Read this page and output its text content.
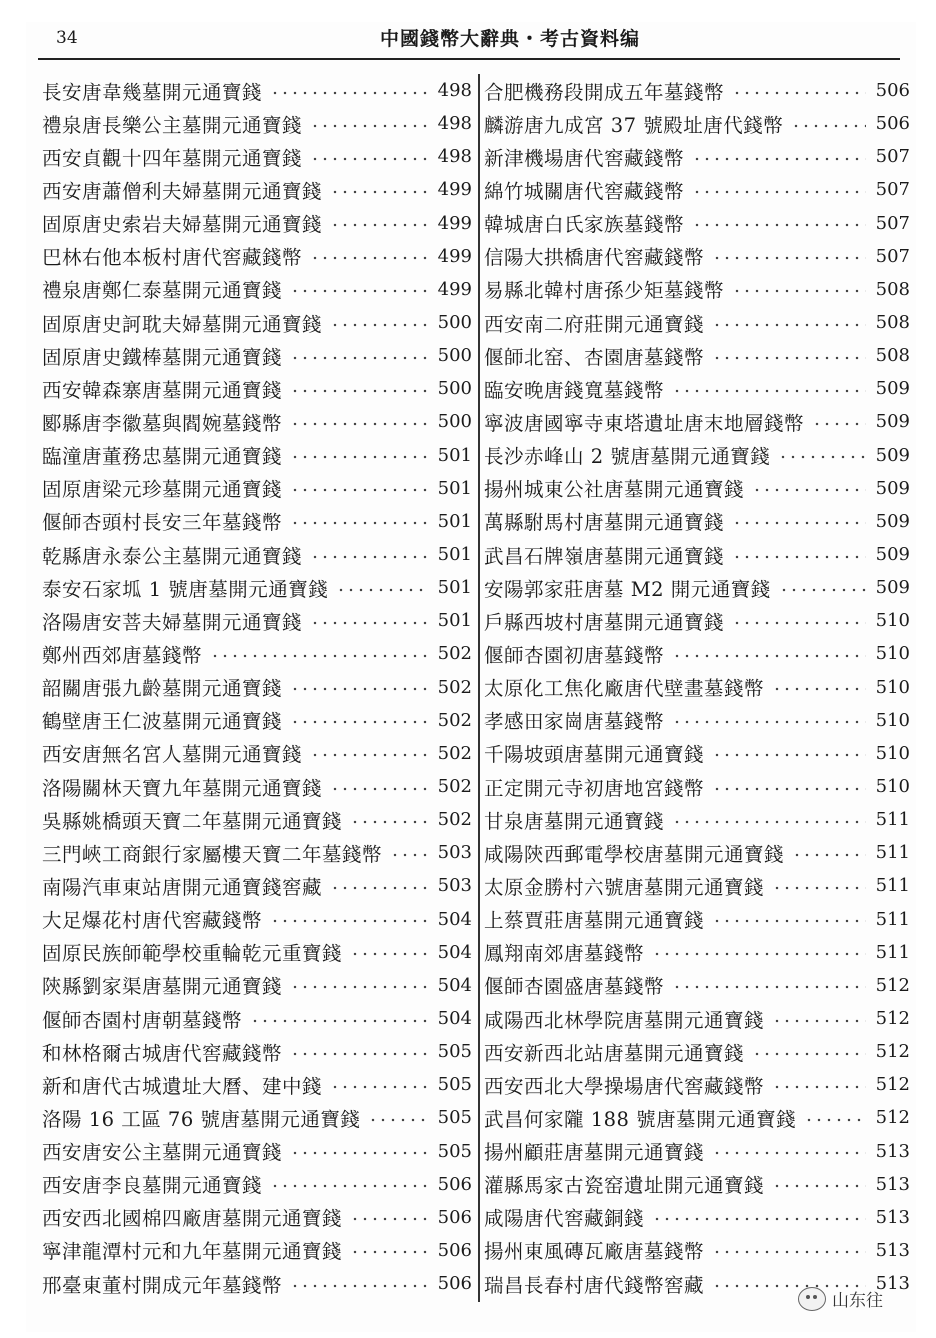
34	中國錢幣大辭典・考古資料编
長安唐韋幾墓開元通寶錢	498
禮泉唐長樂公主墓開元通寶錢	498
西安貞觀十四年墓開元通寶錢	498
西安唐蕭僧利夫婦墓開元通寶錢	499
固原唐史索岩夫婦墓開元通寶錢	499
巴林右他本板村唐代窖藏錢幣	499
禮泉唐鄭仁泰墓開元通寶錢	499
固原唐史訶耽夫婦墓開元通寶錢	500
固原唐史鐵棒墓開元通寶錢	500
西安韓森寨唐墓開元通寶錢	500
郾縣唐李徽墓與閻婉墓錢幣	500
臨潼唐董務忠墓開元通寶錢	501
固原唐梁元珍墓開元通寶錢	501
偃師杏頭村長安三年墓錢幣	501
乾縣唐永泰公主墓開元通寶錢	501
泰安石家坬 1 號唐墓開元通寶錢	501
洛陽唐安菩夫婦墓開元通寶錢	501
鄭州西郊唐墓錢幣	502
韶關唐張九齡墓開元通寶錢	502
鶴壁唐王仁波墓開元通寶錢	502
西安唐無名宮人墓開元通寶錢	502
洛陽關林天寶九年墓開元通寶錢	502
吳縣姚橋頭天寶二年墓開元通寶錢	502
三門峽工商銀行家屬樓天寶二年墓錢幣	503
南陽汽車東站唐開元通寶錢窖藏	503
大足爆花村唐代窖藏錢幣	504
固原民族師範學校重輪乾元重寶錢	504
陝縣劉家渠唐墓開元通寶錢	504
偃師杏園村唐朝墓錢幣	504
和林格爾古城唐代窖藏錢幣	505
新和唐代古城遺址大曆、建中錢	505
洛陽 16 工區 76 號唐墓開元通寶錢	505
西安唐安公主墓開元通寶錢	505
西安唐李良墓開元通寶錢	506
西安西北國棉四廠唐墓開元通寶錢	506
寧津龍潭村元和九年墓開元通寶錢	506
邢臺東董村開成元年墓錢幣	506
合肥機務段開成五年墓錢幣	506
麟游唐九成宮 37 號殿址唐代錢幣	506
新津機場唐代窖藏錢幣	507
綿竹城關唐代窖藏錢幣	507
韓城唐白氏家族墓錢幣	507
信陽大拱橋唐代窖藏錢幣	507
易縣北韓村唐孫少矩墓錢幣	508
西安南二府莊開元通寶錢	508
偃師北窑、杏園唐墓錢幣	508
臨安晚唐錢寬墓錢幣	509
寧波唐國寧寺東塔遺址唐末地層錢幣	509
長沙赤峰山 2 號唐墓開元通寶錢	509
揚州城東公社唐墓開元通寶錢	509
萬縣駙馬村唐墓開元通寶錢	509
武昌石牌嶺唐墓開元通寶錢	509
安陽郭家莊唐墓 M2 開元通寶錢	509
戶縣西坡村唐墓開元通寶錢	510
偃師杏園初唐墓錢幣	510
太原化工焦化廠唐代壁畫墓錢幣	510
孝感田家崗唐墓錢幣	510
千陽坡頭唐墓開元通寶錢	510
正定開元寺初唐地宮錢幣	510
甘泉唐墓開元通寶錢	511
咸陽陝西郵電學校唐墓開元通寶錢	511
太原金勝村六號唐墓開元通寶錢	511
上蔡賈莊唐墓開元通寶錢	511
鳳翔南郊唐墓錢幣	511
偃師杏園盛唐墓錢幣	512
咸陽西北林學院唐墓開元通寶錢	512
西安新西北站唐墓開元通寶錢	512
西安西北大學操場唐代窖藏錢幣	512
武昌何家隴 188 號唐墓開元通寶錢	512
揚州顧莊唐墓開元通寶錢	513
灌縣馬家古瓷窑遺址開元通寶錢	513
咸陽唐代窖藏銅錢	513
揚州東風磚瓦廠唐墓錢幣	513
瑞昌長春村唐代錢幣窖藏	513
山东往
